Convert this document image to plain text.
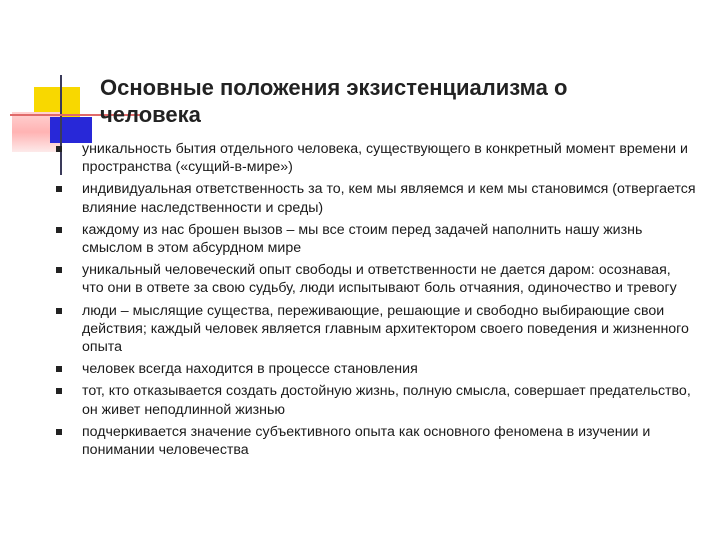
Основные положения экзистенциализма о человека
уникальность бытия отдельного человека, существующего в конкретный момент времени и пространства («сущий-в-мире»)
индивидуальная ответственность за то, кем мы являемся и кем мы становимся (отвергается влияние наследственности и среды)
каждому из нас брошен вызов – мы все стоим перед задачей наполнить нашу жизнь смыслом в этом абсурдном мире
уникальный человеческий опыт свободы и ответственности не дается даром: осознавая, что они в ответе за свою судьбу, люди испытывают боль отчаяния, одиночество и тревогу
люди – мыслящие существа, переживающие, решающие и свободно выбирающие свои действия; каждый человек является главным архитектором своего поведения и жизненного опыта
человек всегда находится в процессе становления
тот, кто отказывается создать достойную жизнь, полную смысла, совершает предательство, он живет неподлинной жизнью
подчеркивается значение субъективного опыта как основного феномена в изучении и понимании человечества
